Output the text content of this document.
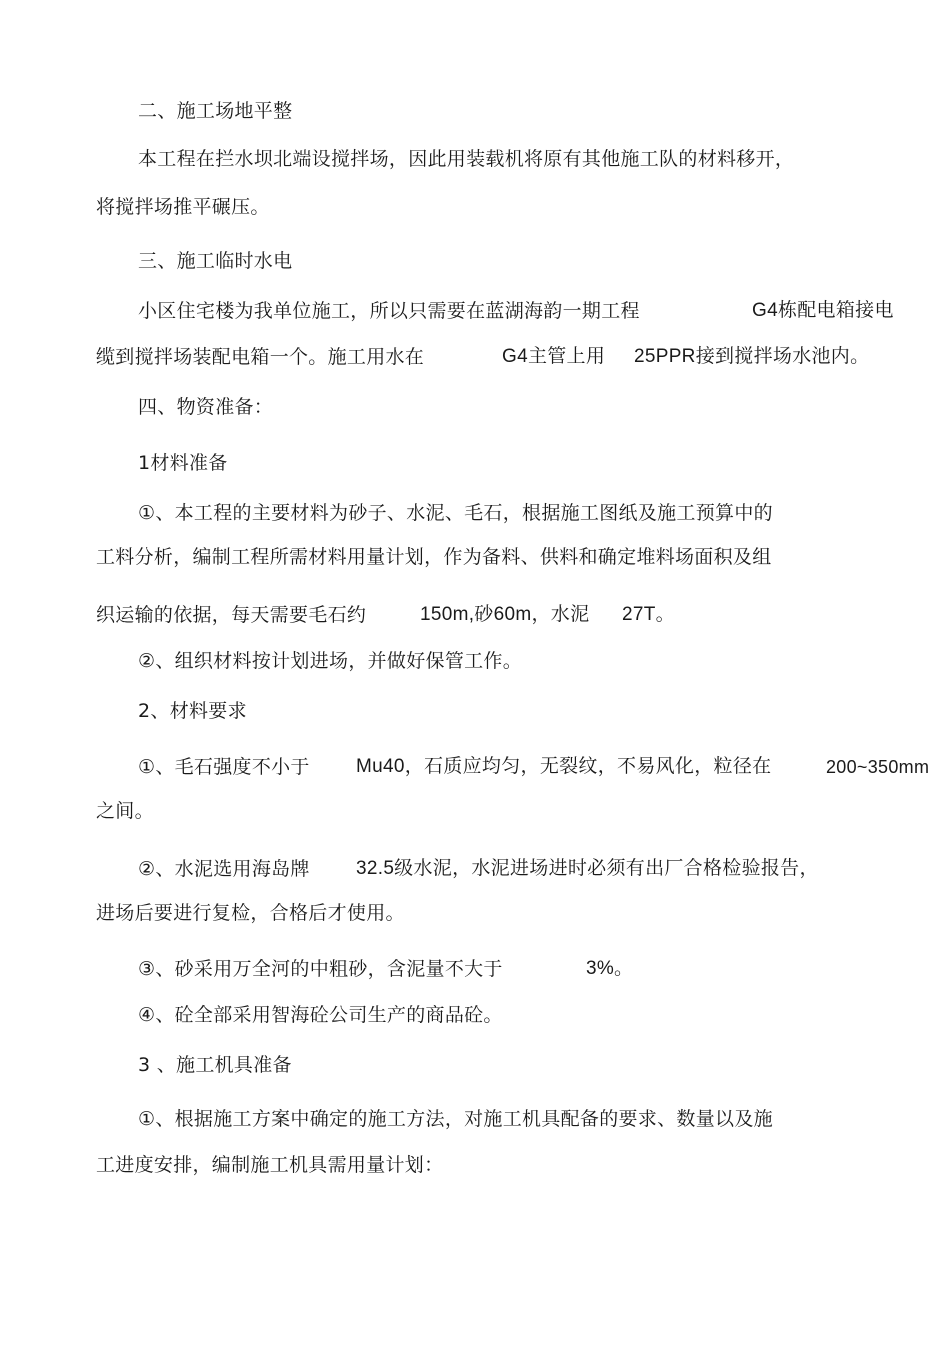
二、施工场地平整
本工程在拦水坝北端设搅拌场，因此用装载机将原有其他施工队的材料移开，
将搅拌场推平碾压。
三、施工临时水电
小区住宅楼为我单位施工，所以只需要在蓝湖海韵一期工程	G4栋配电箱接电
缆到搅拌场装配电箱一个。施工用水在	G4主管上用 25PPR接到搅拌场水池内。
四、物资准备：
1材料准备
①、本工程的主要材料为砂子、水泥、毛石，根据施工图纸及施工预算中的
工料分析，编制工程所需材料用量计划，作为备料、供料和确定堆料场面积及组
织运输的依据，每天需要毛石约	150m,砂60m，水泥 27T。
②、组织材料按计划进场，并做好保管工作。
2、材料要求
①、毛石强度不小于 Mu40，石质应均匀，无裂纹，不易风化，粒径在	200~350mm
之间。
②、水泥选用海岛牌 32.5级水泥，水泥进场进时必须有出厂合格检验报告，
进场后要进行复检，合格后才使用。
③、砂采用万全河的中粗砂，含泥量不大于	3%。
④、砼全部采用智海砼公司生产的商品砼。
3 、施工机具准备
①、根据施工方案中确定的施工方法，对施工机具配备的要求、数量以及施
工进度安排，编制施工机具需用量计划：
